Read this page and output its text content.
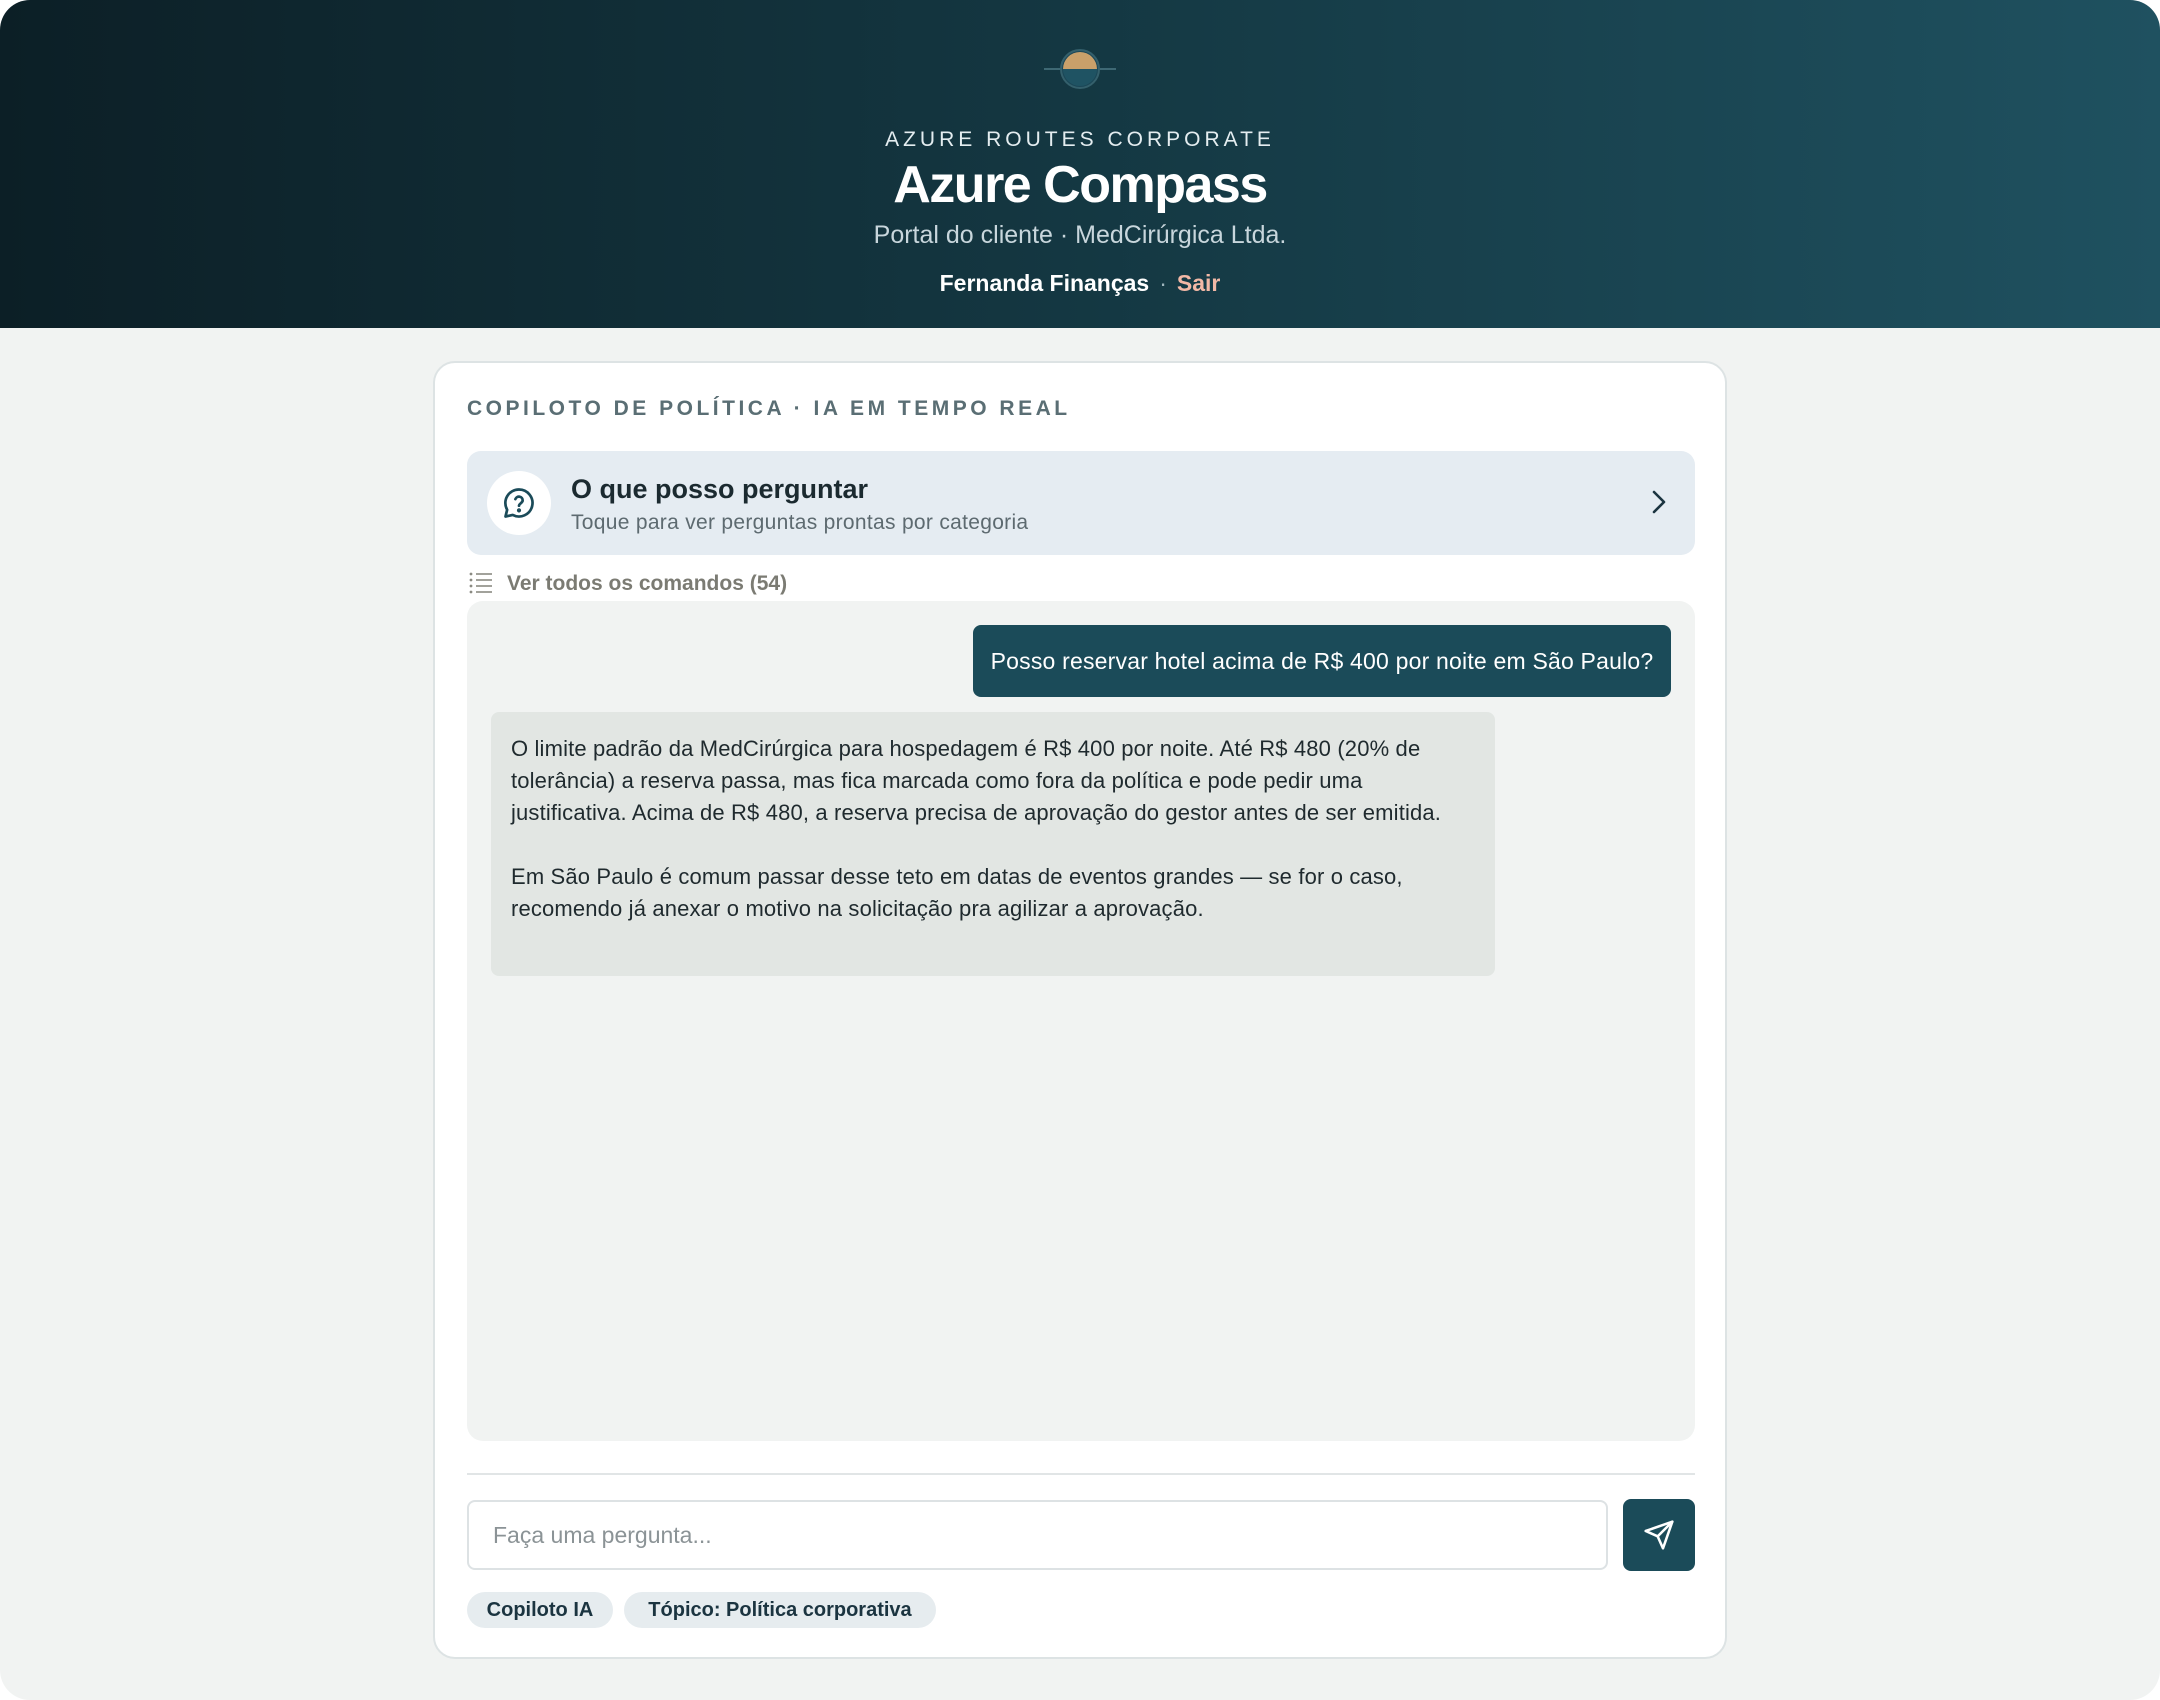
AZURE ROUTES CORPORATE
Azure Compass
Portal do cliente · MedCirúrgica Ltda.
Fernanda Finanças · Sair
COPILOTO DE POLÍTICA · IA EM TEMPO REAL
O que posso perguntar
Toque para ver perguntas prontas por categoria
Ver todos os comandos (54)
Posso reservar hotel acima de R$ 400 por noite em São Paulo?

O limite padrão da MedCirúrgica para hospedagem é R$ 400 por noite. Até R$ 480 (20% de tolerância) a reserva passa, mas fica marcada como fora da política e pode pedir uma justificativa. Acima de R$ 480, a reserva precisa de aprovação do gestor antes de ser emitida.

Em São Paulo é comum passar desse teto em datas de eventos grandes — se for o caso, recomendo já anexar o motivo na solicitação pra agilizar a aprovação.

Faça uma pergunta...
Copiloto IA	Tópico: Política corporativa
